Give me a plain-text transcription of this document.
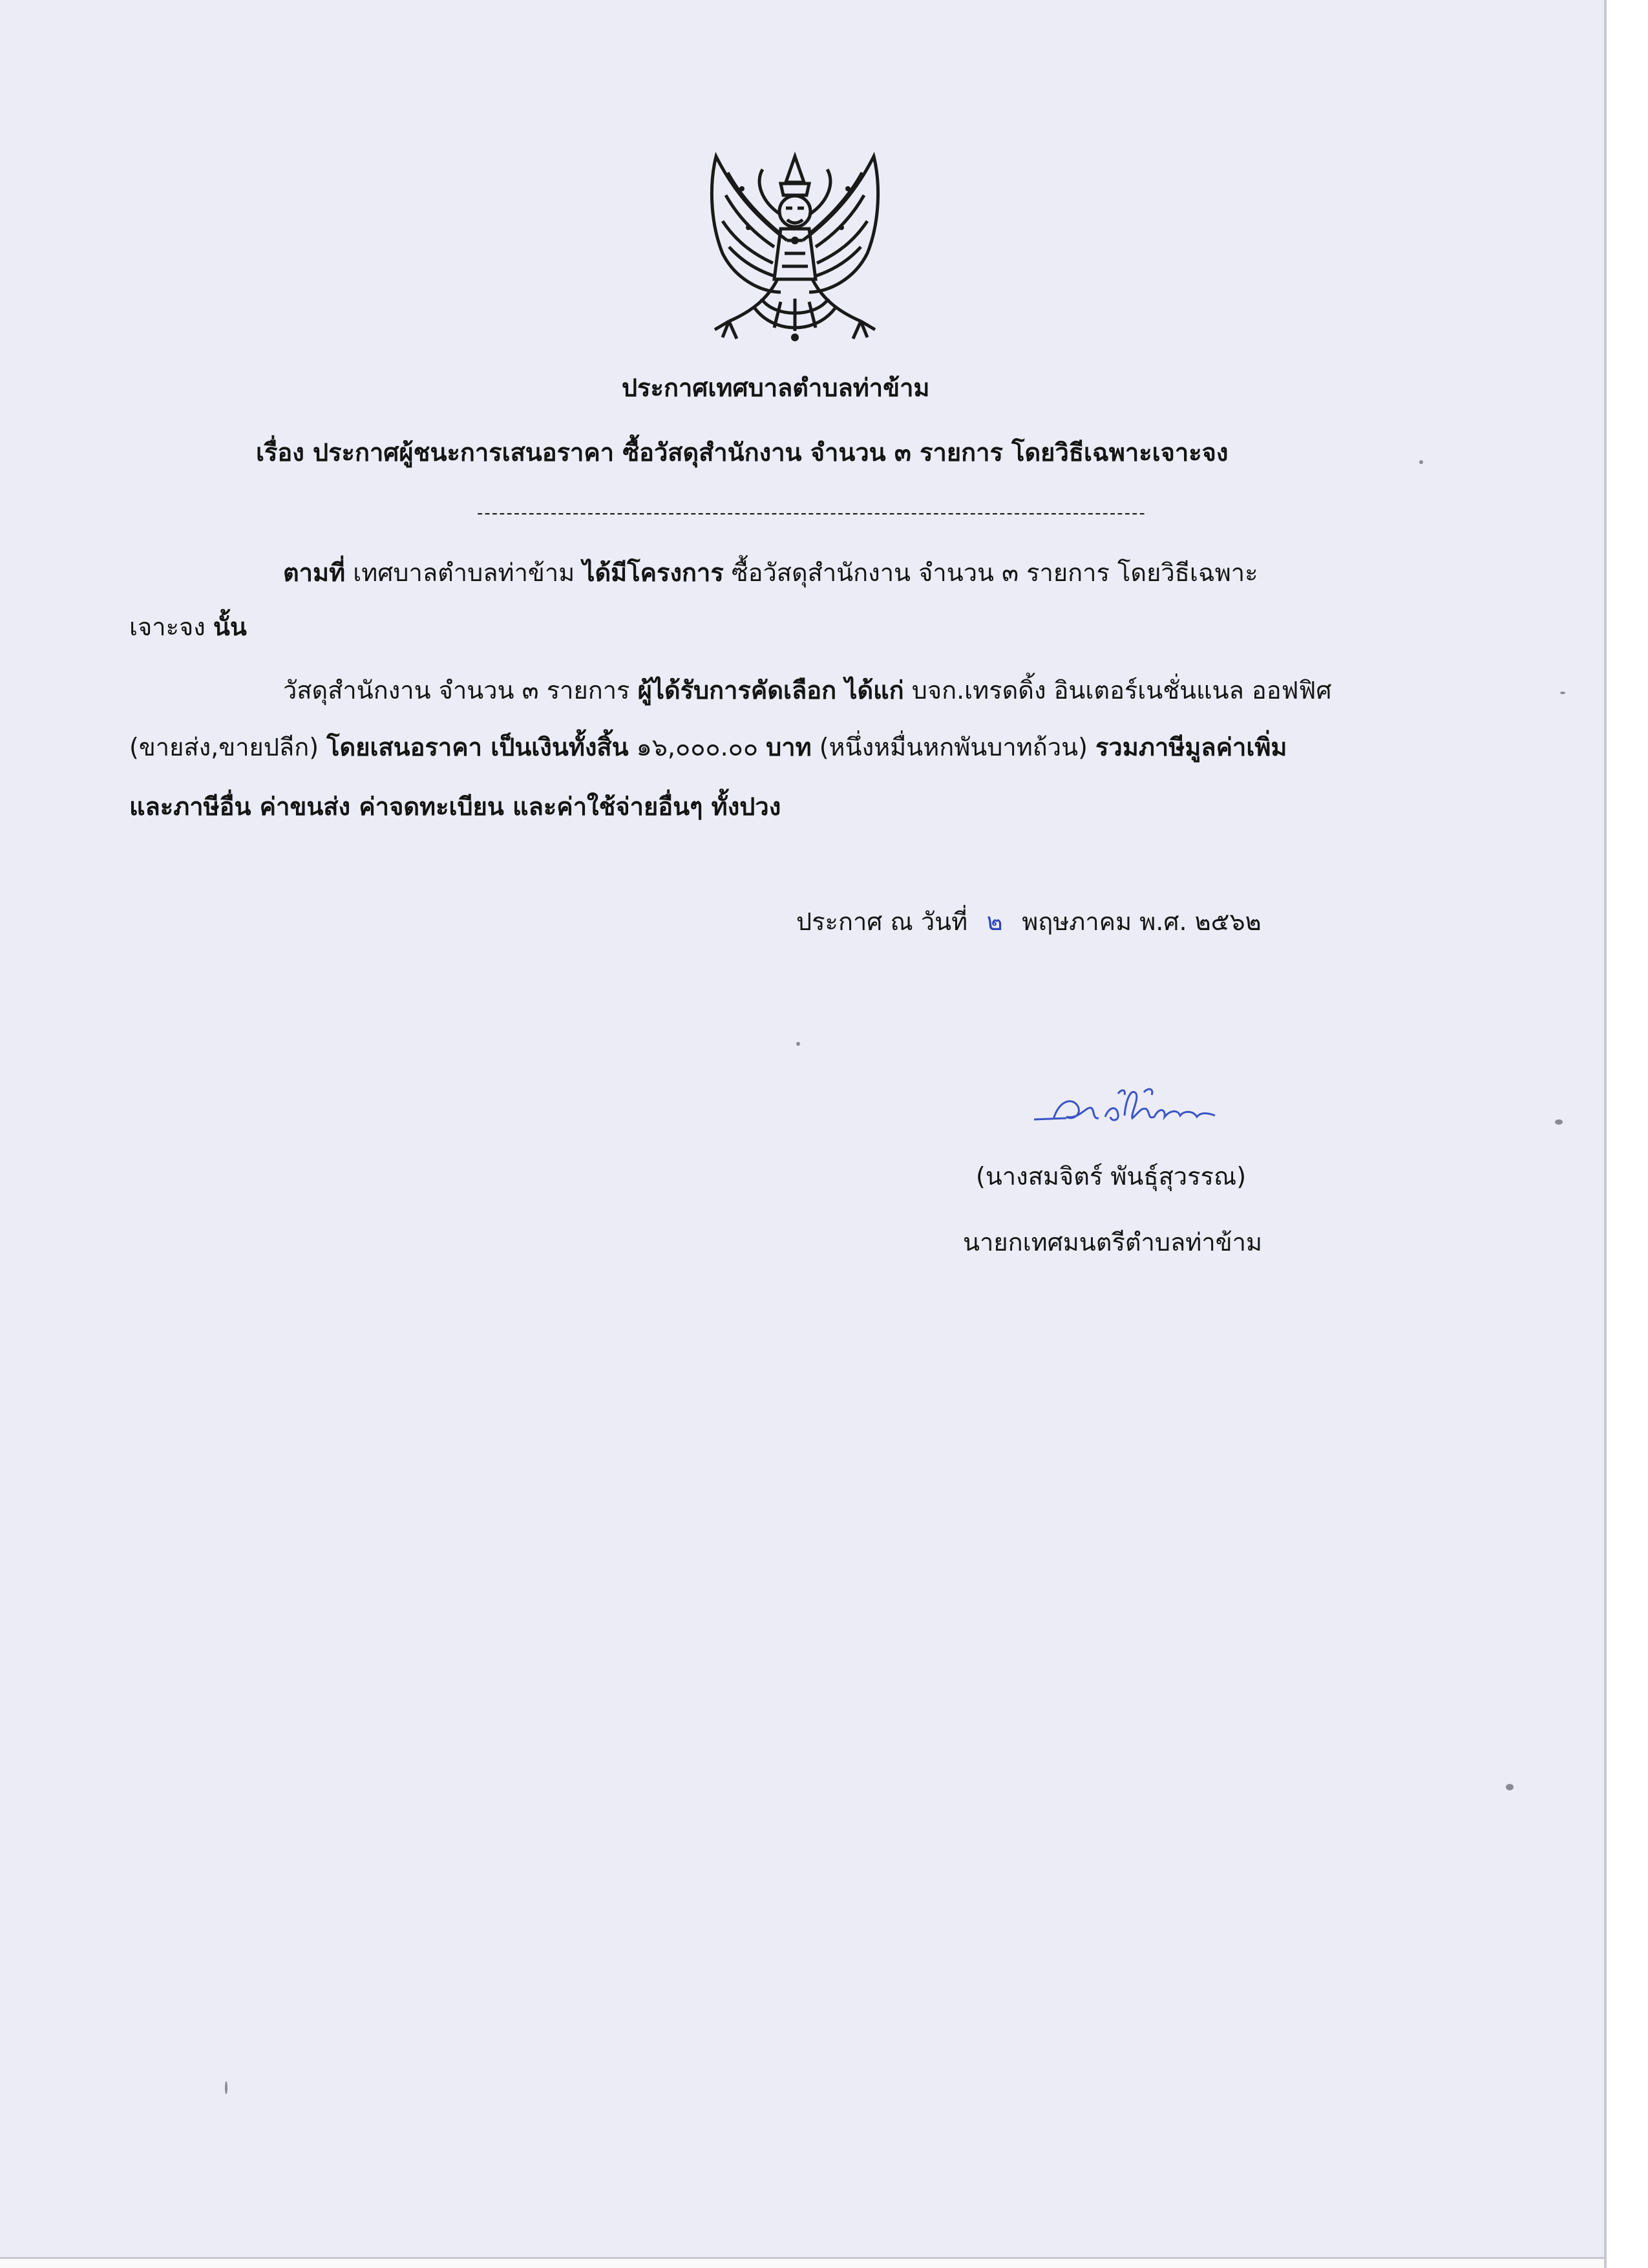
ประกาศเทศบาลตำบลท่าข้าม
เรื่อง ประกาศผู้ชนะการเสนอราคา ซื้อวัสดุสำนักงาน จำนวน ๓ รายการ โดยวิธีเฉพาะเจาะจง
-------------------------------------------------------------------------------------------
ตามที่ เทศบาลตำบลท่าข้าม ได้มีโครงการ ซื้อวัสดุสำนักงาน จำนวน ๓ รายการ โดยวิธีเฉพาะ
เจาะจง นั้น
วัสดุสำนักงาน จำนวน ๓ รายการ ผู้ได้รับการคัดเลือก ได้แก่ บจก.เทรดดิ้ง อินเตอร์เนชั่นแนล ออฟฟิศ
(ขายส่ง,ขายปลีก) โดยเสนอราคา เป็นเงินทั้งสิ้น ๑๖,๐๐๐.๐๐ บาท (หนึ่งหมื่นหกพันบาทถ้วน) รวมภาษีมูลค่าเพิ่ม
และภาษีอื่น ค่าขนส่ง ค่าจดทะเบียน และค่าใช้จ่ายอื่นๆ ทั้งปวง
ประกาศ ณ วันที่ ๒ พฤษภาคม พ.ศ. ๒๕๖๒
(นางสมจิตร์ พันธุ์สุวรรณ)
นายกเทศมนตรีตำบลท่าข้าม
